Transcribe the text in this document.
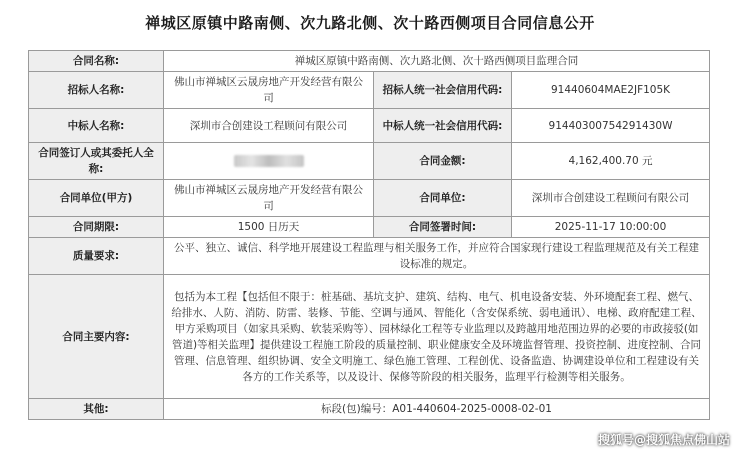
禅城区原镇中路南侧、次九路北侧、次十路西侧项目合同信息公开
合同名称:	禅城区原镇中路南侧、次九路北侧、次十路西侧项目监理合同		
招标人名称:	佛山市禅城区云晟房地产开发经营有限公司	招标人统一社会信用代码:	91440604MAE2JF105K
中标人名称:	深圳市合创建设工程顾问有限公司	中标人统一社会信用代码:	91440300754291430W
合同签订人或其委托人全称:		合同金额:	4,162,400.70 元
合同单位(甲方)	佛山市禅城区云晟房地产开发经营有限公司	合同单位:	深圳市合创建设工程顾问有限公司
合同期限:	1500 日历天	合同签署时间:	2025-11-17 10:00:00
质量要求:	公平、独立、诚信、科学地开展建设工程监理与相关服务工作，并应符合国家现行建设工程监理规范及有关工程建设标准的规定。		
合同主要内容:	包括为本工程【包括但不限于：桩基础、基坑支护、建筑、结构、电气、机电设备安装、外环境配套工程、燃气、给排水、人防、消防、防雷、装修、节能、空调与通风、智能化（含安保系统、弱电通讯）、电梯、政府配建工程、甲方采购项目（如家具采购、软装采购等）、园林绿化工程等专业监理以及跨越用地范围边界的必要的市政接驳(如管道)等相关监理】提供建设工程施工阶段的质量控制、职业健康安全及环境监督管理、投资控制、进度控制、合同管理、信息管理、组织协调、安全文明施工、绿色施工管理、工程创优、设备监造、协调建设单位和工程建设有关各方的工作关系等，以及设计、保修等阶段的相关服务，监理平行检测等相关服务。		
其他:	标段(包)编号：A01-440604-2025-0008-02-01		
搜狐号@搜狐焦点佛山站
